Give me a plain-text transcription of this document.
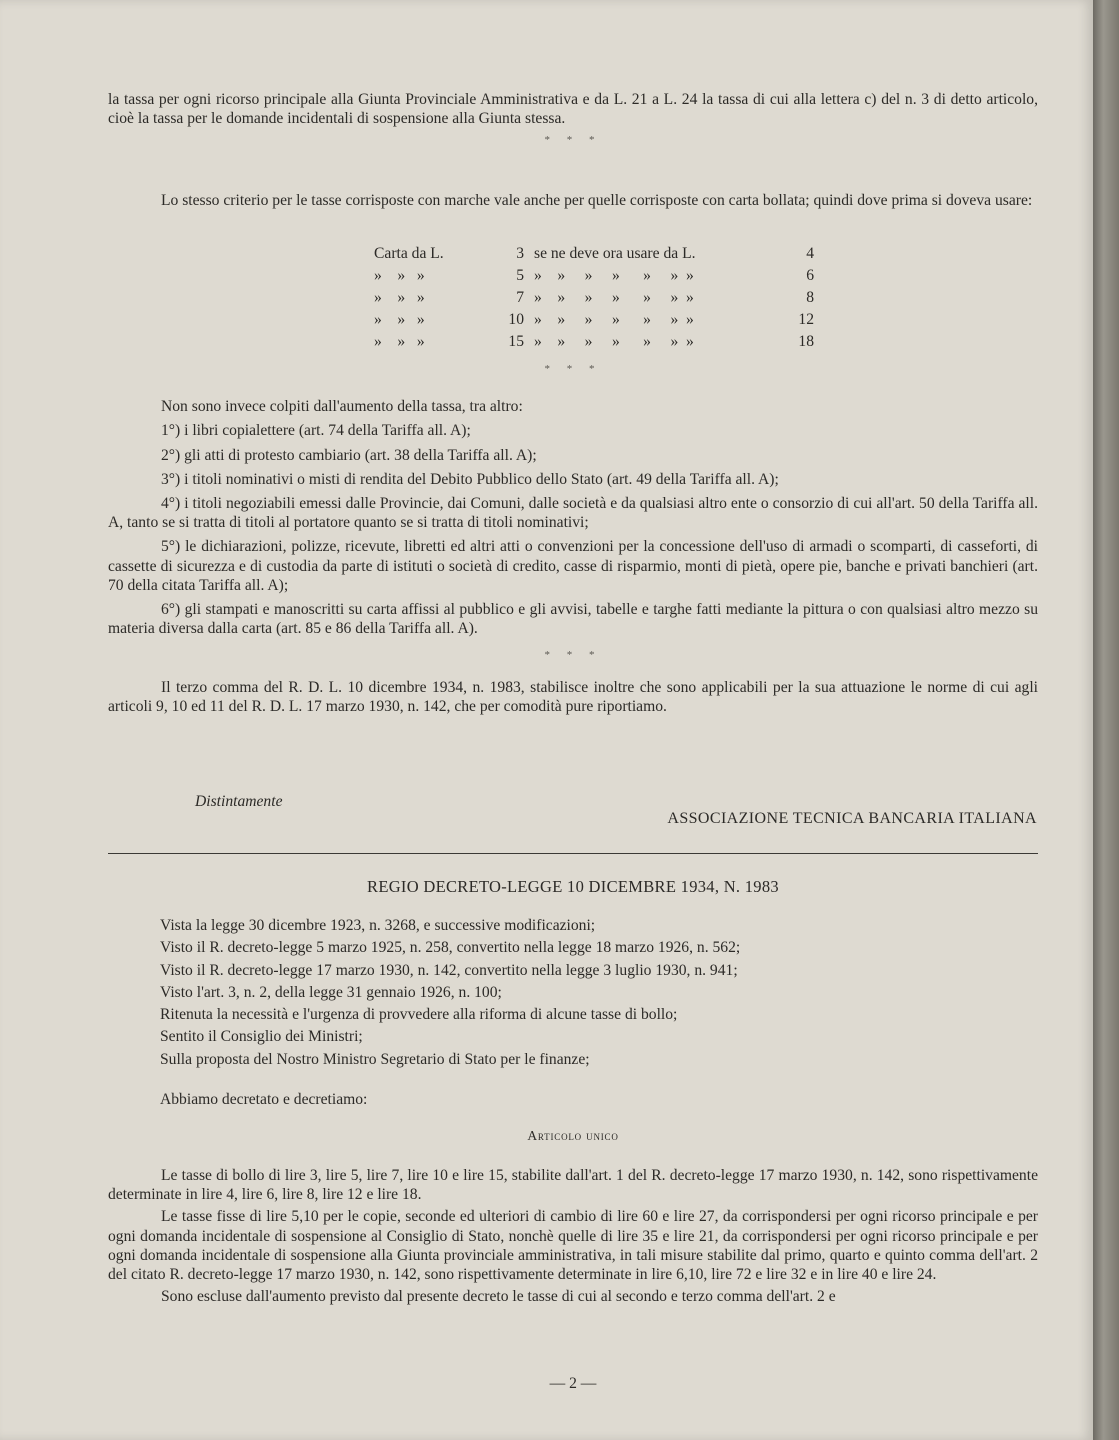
la tassa per ogni ricorso principale alla Giunta Provinciale Amministrativa e da L. 21 a L. 24 la tassa di cui alla lettera c) del n. 3 di detto articolo, cioè la tassa per le domande incidentali di sospensione alla Giunta stessa.

* * *

Lo stesso criterio per le tasse corrisposte con marche vale anche per quelle corrisposte con carta bollata; quindi dove prima si doveva usare:

Carta da L.	3 se ne deve ora usare da L.	4
»    »   »	5 »    »     »     »      »     »  »	6
»    »   »	7 »    »     »     »      »     »  »	8
»    »   »	10 »    »     »     »      »     »  »	12
»    »   »	15 »    »     »     »      »     »  »	18

* * *

Non sono invece colpiti dall'aumento della tassa, tra altro:

1°) i libri copialettere (art. 74 della Tariffa all. A);

2°) gli atti di protesto cambiario (art. 38 della Tariffa all. A);

3°) i titoli nominativi o misti di rendita del Debito Pubblico dello Stato (art. 49 della Tariffa all. A);

4°) i titoli negoziabili emessi dalle Provincie, dai Comuni, dalle società e da qualsiasi altro ente o consorzio di cui all'art. 50 della Tariffa all. A, tanto se si tratta di titoli al portatore quanto se si tratta di titoli nominativi;

5°) le dichiarazioni, polizze, ricevute, libretti ed altri atti o convenzioni per la concessione dell'uso di armadi o scomparti, di casseforti, di cassette di sicurezza e di custodia da parte di istituti o società di credito, casse di risparmio, monti di pietà, opere pie, banche e privati banchieri (art. 70 della citata Tariffa all. A);

6°) gli stampati e manoscritti su carta affissi al pubblico e gli avvisi, tabelle e targhe fatti mediante la pittura o con qualsiasi altro mezzo su materia diversa dalla carta (art. 85 e 86 della Tariffa all. A).

* * *

Il terzo comma del R. D. L. 10 dicembre 1934, n. 1983, stabilisce inoltre che sono applicabili per la sua attuazione le norme di cui agli articoli 9, 10 ed 11 del R. D. L. 17 marzo 1930, n. 142, che per comodità pure riportiamo.

Distintamente
ASSOCIAZIONE TECNICA BANCARIA ITALIANA
REGIO DECRETO-LEGGE 10 DICEMBRE 1934, N. 1983
Vista la legge 30 dicembre 1923, n. 3268, e successive modificazioni;
Visto il R. decreto-legge 5 marzo 1925, n. 258, convertito nella legge 18 marzo 1926, n. 562;
Visto il R. decreto-legge 17 marzo 1930, n. 142, convertito nella legge 3 luglio 1930, n. 941;
Visto l'art. 3, n. 2, della legge 31 gennaio 1926, n. 100;
Ritenuta la necessità e l'urgenza di provvedere alla riforma di alcune tasse di bollo;
Sentito il Consiglio dei Ministri;
Sulla proposta del Nostro Ministro Segretario di Stato per le finanze;
Abbiamo decretato e decretiamo:
Articolo unico

Le tasse di bollo di lire 3, lire 5, lire 7, lire 10 e lire 15, stabilite dall'art. 1 del R. decreto-legge 17 marzo 1930, n. 142, sono rispettivamente determinate in lire 4, lire 6, lire 8, lire 12 e lire 18.

Le tasse fisse di lire 5,10 per le copie, seconde ed ulteriori di cambio di lire 60 e lire 27, da corrispondersi per ogni ricorso principale e per ogni domanda incidentale di sospensione al Consiglio di Stato, nonchè quelle di lire 35 e lire 21, da corrispondersi per ogni ricorso principale e per ogni domanda incidentale di sospensione alla Giunta provinciale amministrativa, in tali misure stabilite dal primo, quarto e quinto comma dell'art. 2 del citato R. decreto-legge 17 marzo 1930, n. 142, sono rispettivamente determinate in lire 6,10, lire 72 e lire 32 e in lire 40 e lire 24.

Sono escluse dall'aumento previsto dal presente decreto le tasse di cui al secondo e terzo comma dell'art. 2 e

— 2 —
